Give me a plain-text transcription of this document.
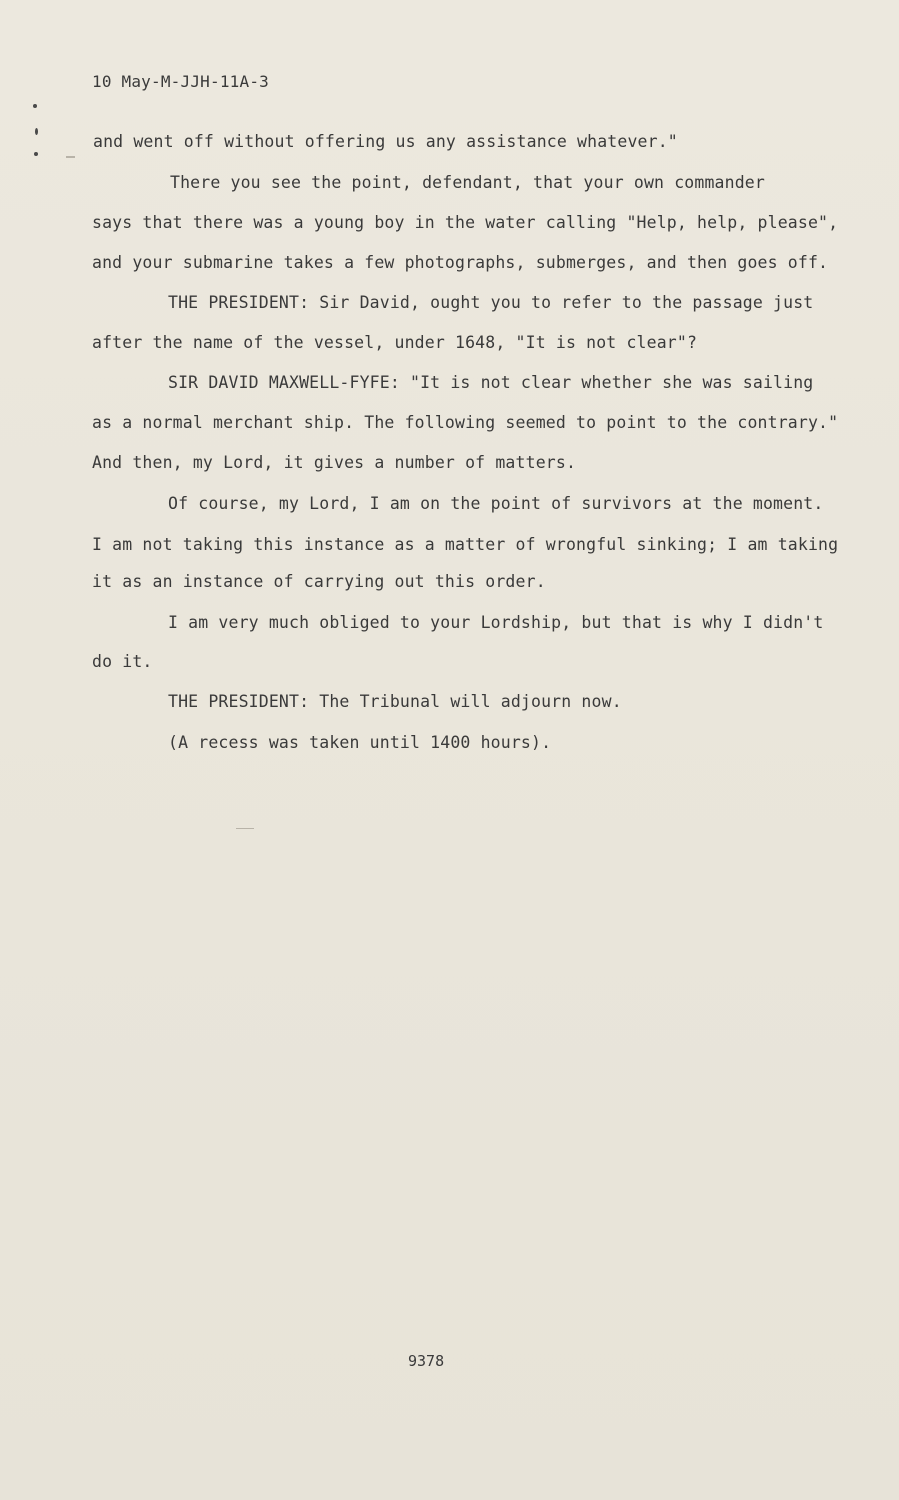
10 May-M-JJH-11A-3
and went off without offering us any assistance whatever."
There you see the point, defendant, that your own commander
says that there was a young boy in the water calling "Help, help, please",
and your submarine takes a few photographs, submerges, and then goes off.
THE PRESIDENT: Sir David, ought you to refer to the passage just
after the name of the vessel, under 1648, "It is not clear"?
SIR DAVID MAXWELL-FYFE: "It is not clear whether she was sailing
as a normal merchant ship. The following seemed to point to the contrary."
And then, my Lord, it gives a number of matters.
Of course, my Lord, I am on the point of survivors at the moment.
I am not taking this instance as a matter of wrongful sinking; I am taking
it as an instance of carrying out this order.
I am very much obliged to your Lordship, but that is why I didn't
do it.
THE PRESIDENT: The Tribunal will adjourn now.
(A recess was taken until 1400 hours).
9378
